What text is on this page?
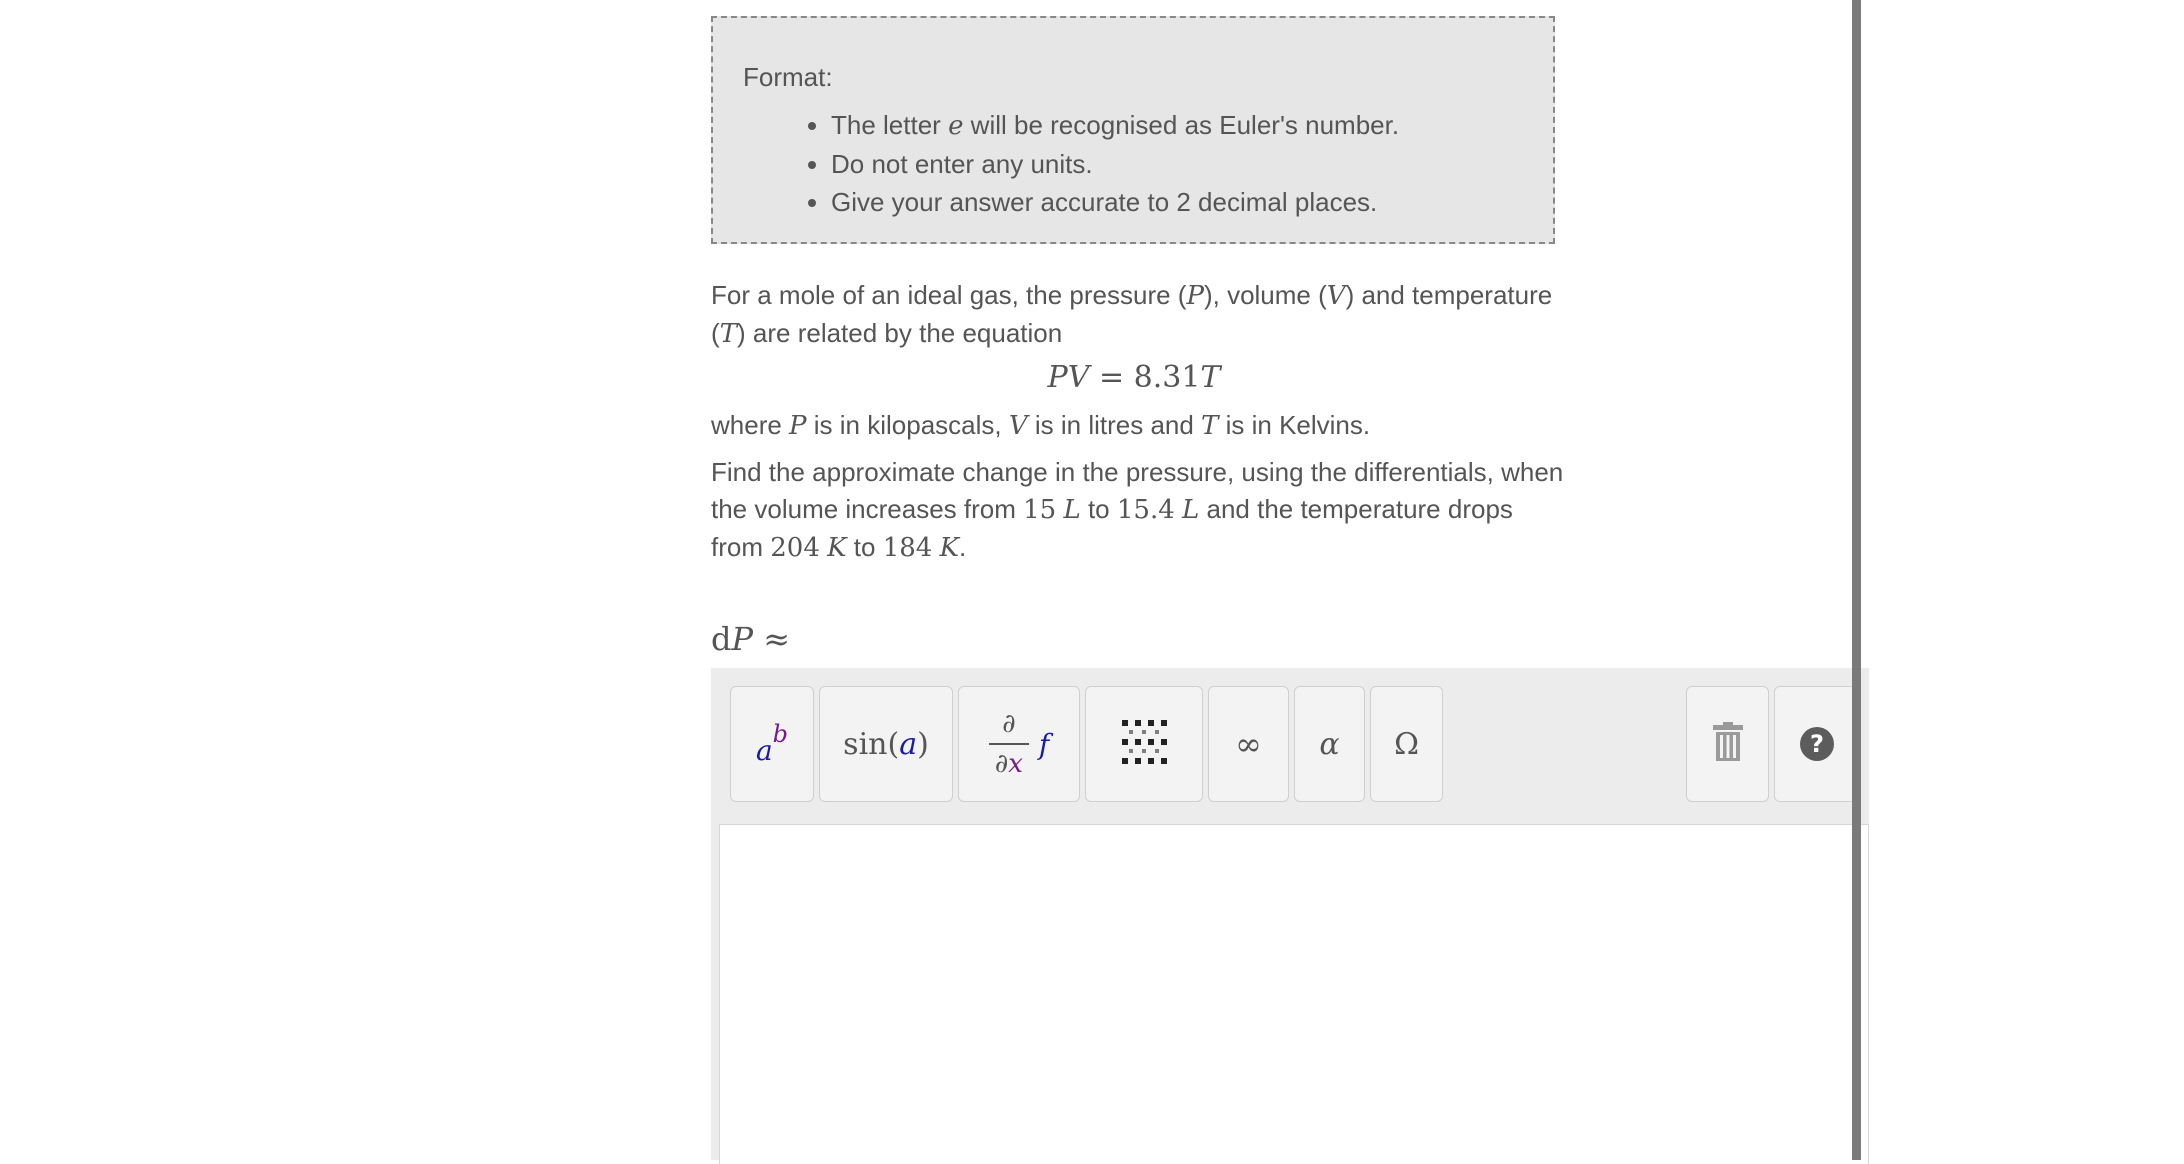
Format:
• The letter e will be recognised as Euler's number.
• Do not enter any units.
• Give your answer accurate to 2 decimal places.
For a mole of an ideal gas, the pressure (P), volume (V) and temperature (T) are related by the equation
PV = 8.31T
where P is in kilopascals, V is in litres and T is in Kelvins.
Find the approximate change in the pressure, using the differentials, when the volume increases from 15 L to 15.4 L and the temperature drops from 204 K to 184 K.
dP ≈
a b sin ( a )
∂
∂x
f	∞ α Ω	?
